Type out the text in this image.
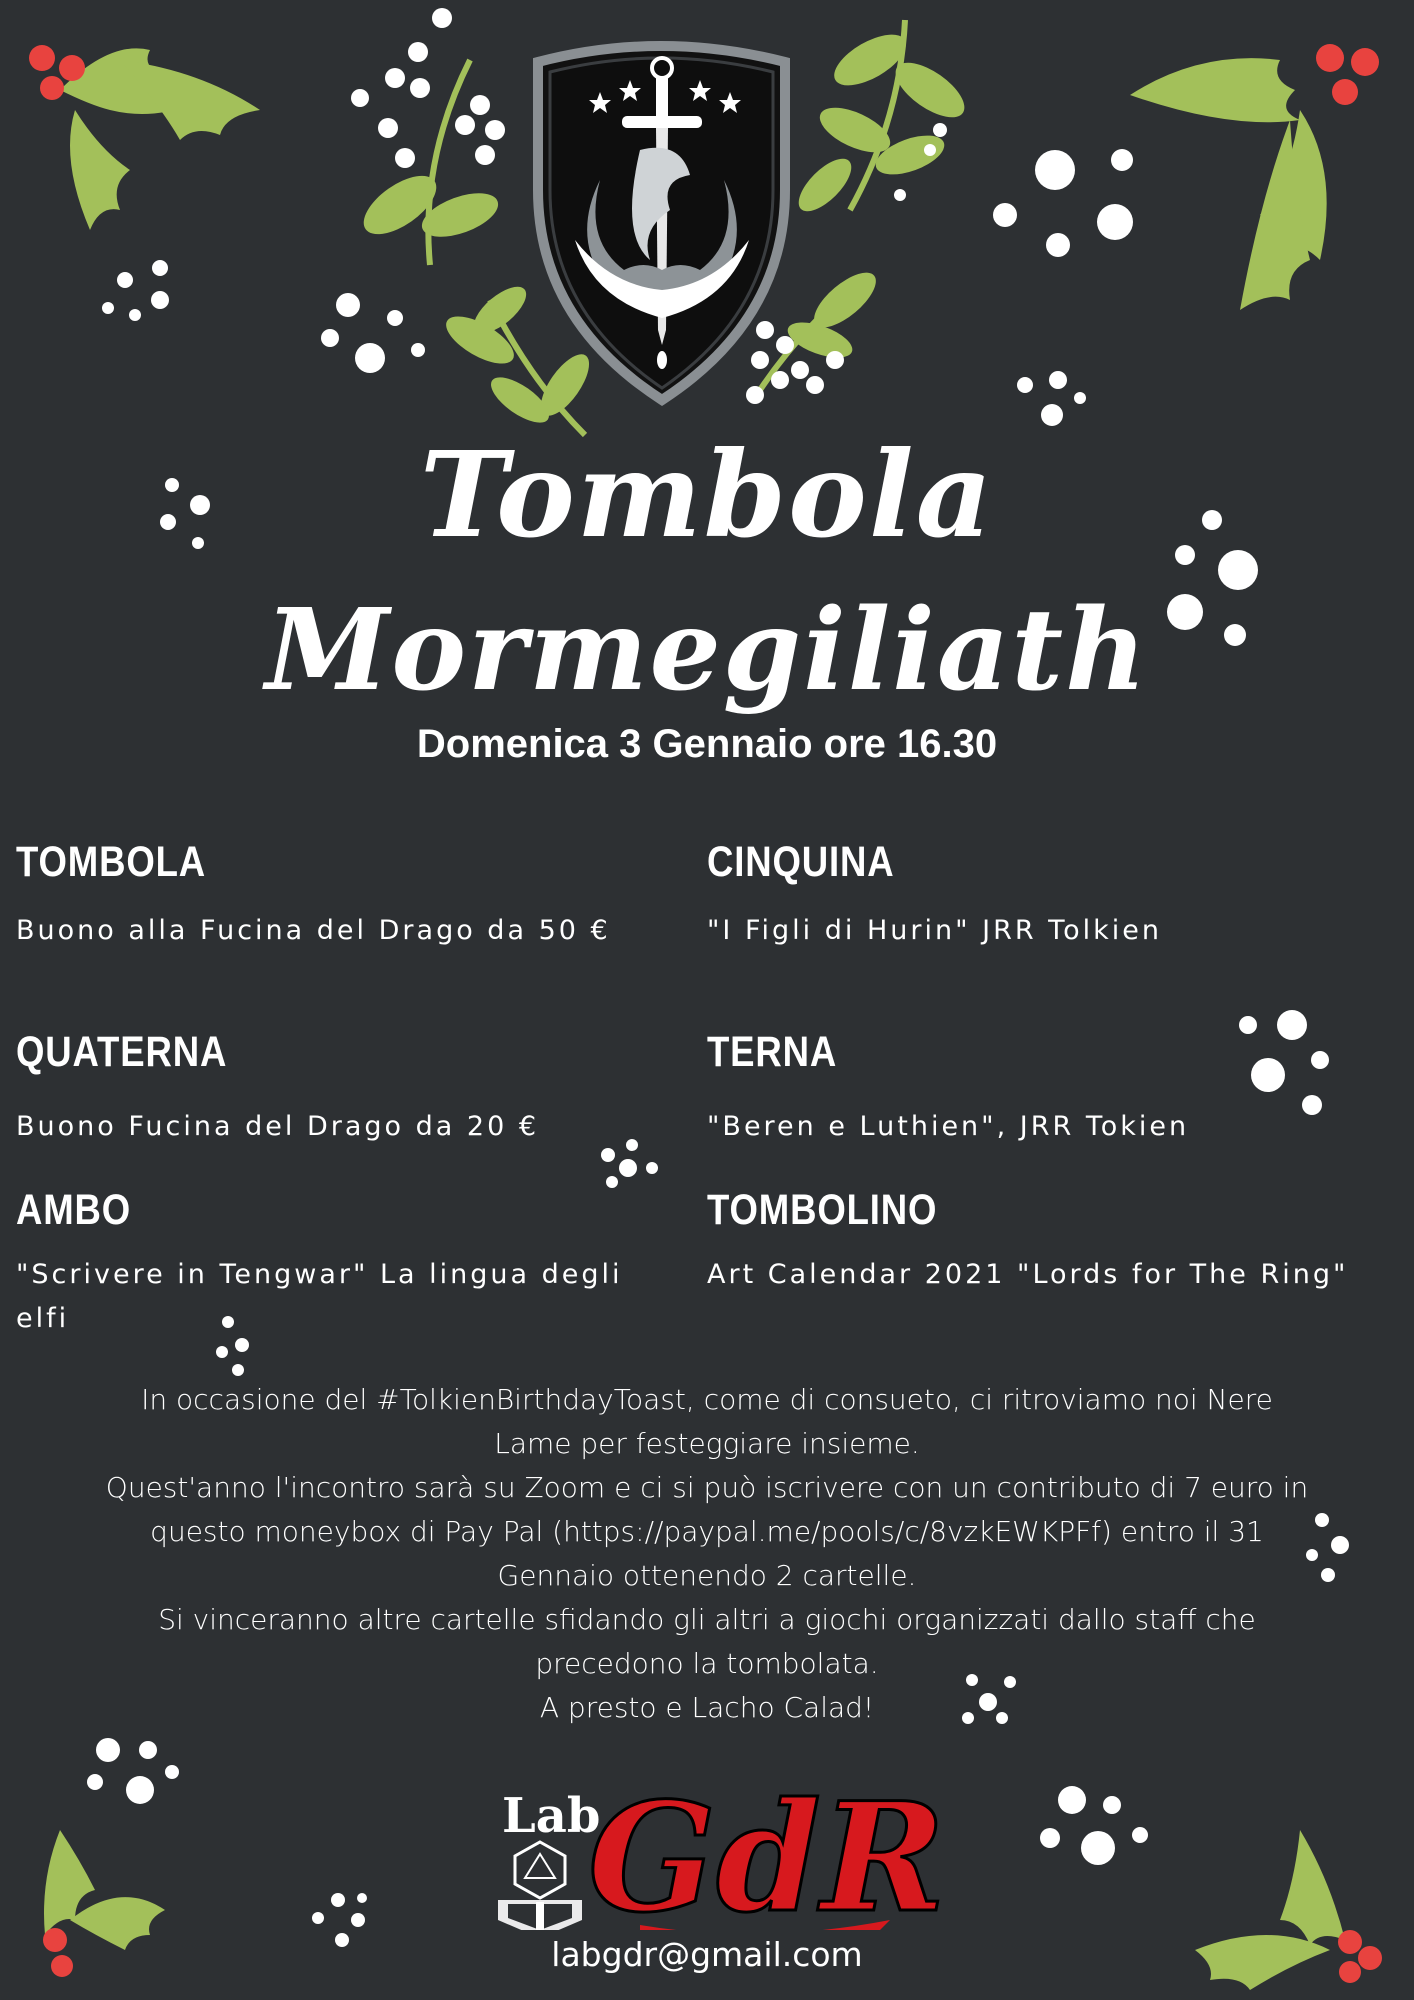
Tombola
Mormegiliath
Domenica 3 Gennaio ore 16.30
TOMBOLA

Buono alla Fucina del Drago da 50 €

CINQUINA

"I Figli di Hurin" JRR Tolkien

QUATERNA

Buono Fucina del Drago da 20 €

TERNA

"Beren e Luthien", JRR Tokien

AMBO

"Scrivere in Tengwar" La lingua degli elfi

TOMBOLINO

Art Calendar 2021 "Lords for The Ring"

In occasione del #TolkienBirthdayToast, come di consueto, ci ritroviamo noi Nere Lame per festeggiare insieme.
Quest'anno l'incontro sarà su Zoom e ci si può iscrivere con un contributo di 7 euro in questo moneybox di Pay Pal (https://paypal.me/pools/c/8vzkEWKPFf) entro il 31 Gennaio ottenendo 2 cartelle.
Si vinceranno altre cartelle sfidando gli altri a giochi organizzati dallo staff che precedono la tombolata.
A presto e Lacho Calad!
Lab
GdR
labgdr@gmail.com
